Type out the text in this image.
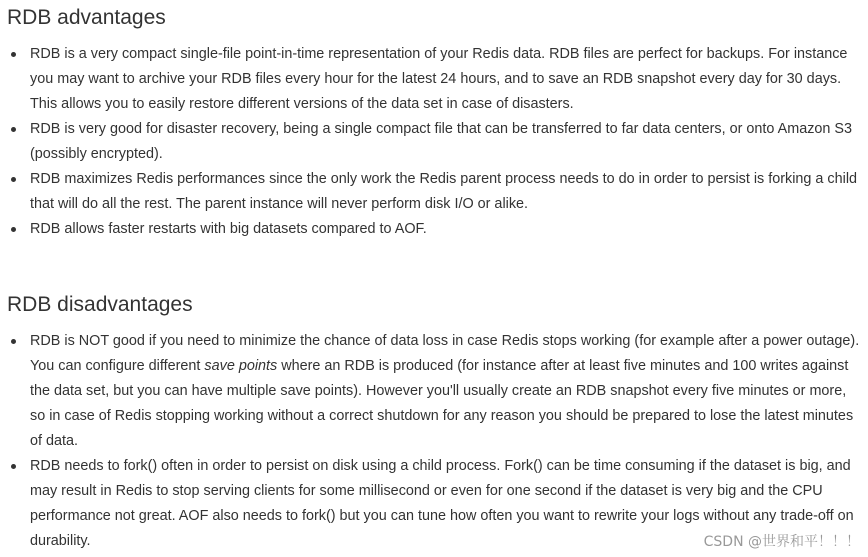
RDB advantages
RDB is a very compact single-file point-in-time representation of your Redis data. RDB files are perfect for backups. For instance you may want to archive your RDB files every hour for the latest 24 hours, and to save an RDB snapshot every day for 30 days. This allows you to easily restore different versions of the data set in case of disasters.
RDB is very good for disaster recovery, being a single compact file that can be transferred to far data centers, or onto Amazon S3 (possibly encrypted).
RDB maximizes Redis performances since the only work the Redis parent process needs to do in order to persist is forking a child that will do all the rest. The parent instance will never perform disk I/O or alike.
RDB allows faster restarts with big datasets compared to AOF.
RDB disadvantages
RDB is NOT good if you need to minimize the chance of data loss in case Redis stops working (for example after a power outage). You can configure different save points where an RDB is produced (for instance after at least five minutes and 100 writes against the data set, but you can have multiple save points). However you'll usually create an RDB snapshot every five minutes or more, so in case of Redis stopping working without a correct shutdown for any reason you should be prepared to lose the latest minutes of data.
RDB needs to fork() often in order to persist on disk using a child process. Fork() can be time consuming if the dataset is big, and may result in Redis to stop serving clients for some millisecond or even for one second if the dataset is very big and the CPU performance not great. AOF also needs to fork() but you can tune how often you want to rewrite your logs without any trade-off on durability.	CSDN @世界和平！！！
